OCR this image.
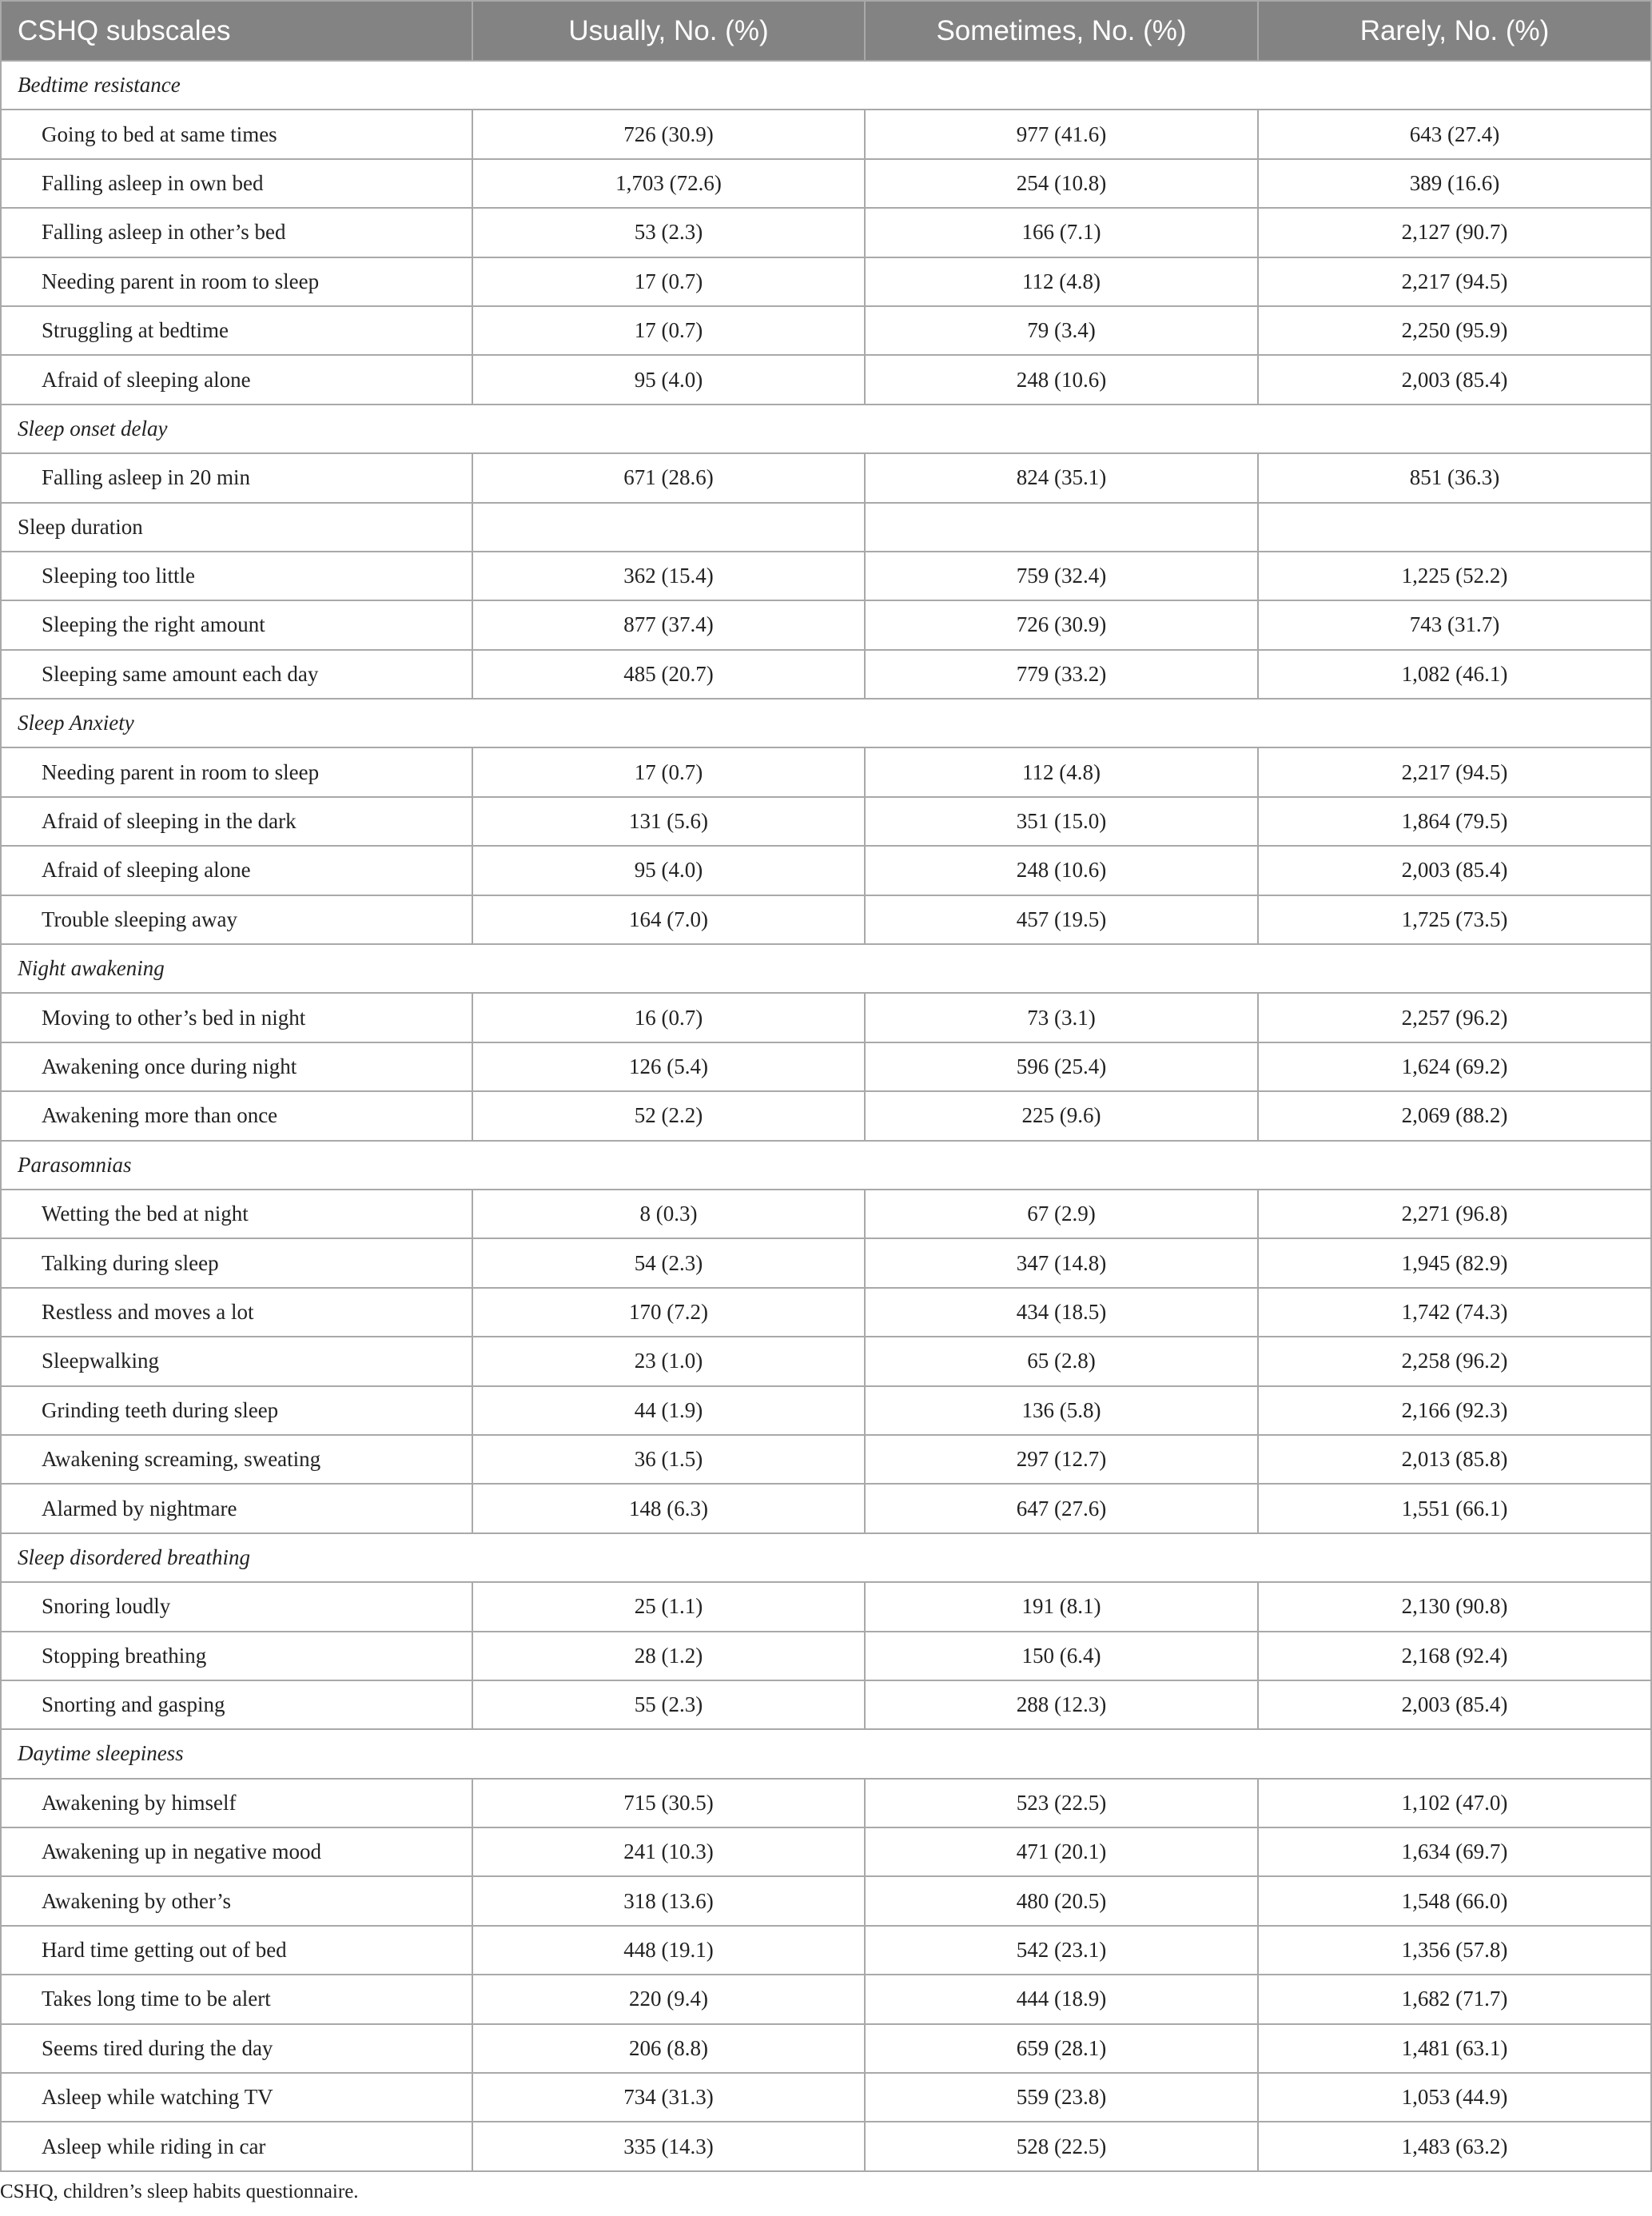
CSHQ subscales	Usually, No. (%)	Sometimes, No. (%)	Rarely, No. (%)
Bedtime resistance			
Going to bed at same times	726 (30.9)	977 (41.6)	643 (27.4)
Falling asleep in own bed	1,703 (72.6)	254 (10.8)	389 (16.6)
Falling asleep in other’s bed	53 (2.3)	166 (7.1)	2,127 (90.7)
Needing parent in room to sleep	17 (0.7)	112 (4.8)	2,217 (94.5)
Struggling at bedtime	17 (0.7)	79 (3.4)	2,250 (95.9)
Afraid of sleeping alone	95 (4.0)	248 (10.6)	2,003 (85.4)
Sleep onset delay			
Falling asleep in 20 min	671 (28.6)	824 (35.1)	851 (36.3)
Sleep duration			
Sleeping too little	362 (15.4)	759 (32.4)	1,225 (52.2)
Sleeping the right amount	877 (37.4)	726 (30.9)	743 (31.7)
Sleeping same amount each day	485 (20.7)	779 (33.2)	1,082 (46.1)
Sleep Anxiety			
Needing parent in room to sleep	17 (0.7)	112 (4.8)	2,217 (94.5)
Afraid of sleeping in the dark	131 (5.6)	351 (15.0)	1,864 (79.5)
Afraid of sleeping alone	95 (4.0)	248 (10.6)	2,003 (85.4)
Trouble sleeping away	164 (7.0)	457 (19.5)	1,725 (73.5)
Night awakening			
Moving to other’s bed in night	16 (0.7)	73 (3.1)	2,257 (96.2)
Awakening once during night	126 (5.4)	596 (25.4)	1,624 (69.2)
Awakening more than once	52 (2.2)	225 (9.6)	2,069 (88.2)
Parasomnias			
Wetting the bed at night	8 (0.3)	67 (2.9)	2,271 (96.8)
Talking during sleep	54 (2.3)	347 (14.8)	1,945 (82.9)
Restless and moves a lot	170 (7.2)	434 (18.5)	1,742 (74.3)
Sleepwalking	23 (1.0)	65 (2.8)	2,258 (96.2)
Grinding teeth during sleep	44 (1.9)	136 (5.8)	2,166 (92.3)
Awakening screaming, sweating	36 (1.5)	297 (12.7)	2,013 (85.8)
Alarmed by nightmare	148 (6.3)	647 (27.6)	1,551 (66.1)
Sleep disordered breathing			
Snoring loudly	25 (1.1)	191 (8.1)	2,130 (90.8)
Stopping breathing	28 (1.2)	150 (6.4)	2,168 (92.4)
Snorting and gasping	55 (2.3)	288 (12.3)	2,003 (85.4)
Daytime sleepiness			
Awakening by himself	715 (30.5)	523 (22.5)	1,102 (47.0)
Awakening up in negative mood	241 (10.3)	471 (20.1)	1,634 (69.7)
Awakening by other’s	318 (13.6)	480 (20.5)	1,548 (66.0)
Hard time getting out of bed	448 (19.1)	542 (23.1)	1,356 (57.8)
Takes long time to be alert	220 (9.4)	444 (18.9)	1,682 (71.7)
Seems tired during the day	206 (8.8)	659 (28.1)	1,481 (63.1)
Asleep while watching TV	734 (31.3)	559 (23.8)	1,053 (44.9)
Asleep while riding in car	335 (14.3)	528 (22.5)	1,483 (63.2)
CSHQ, children’s sleep habits questionnaire.
